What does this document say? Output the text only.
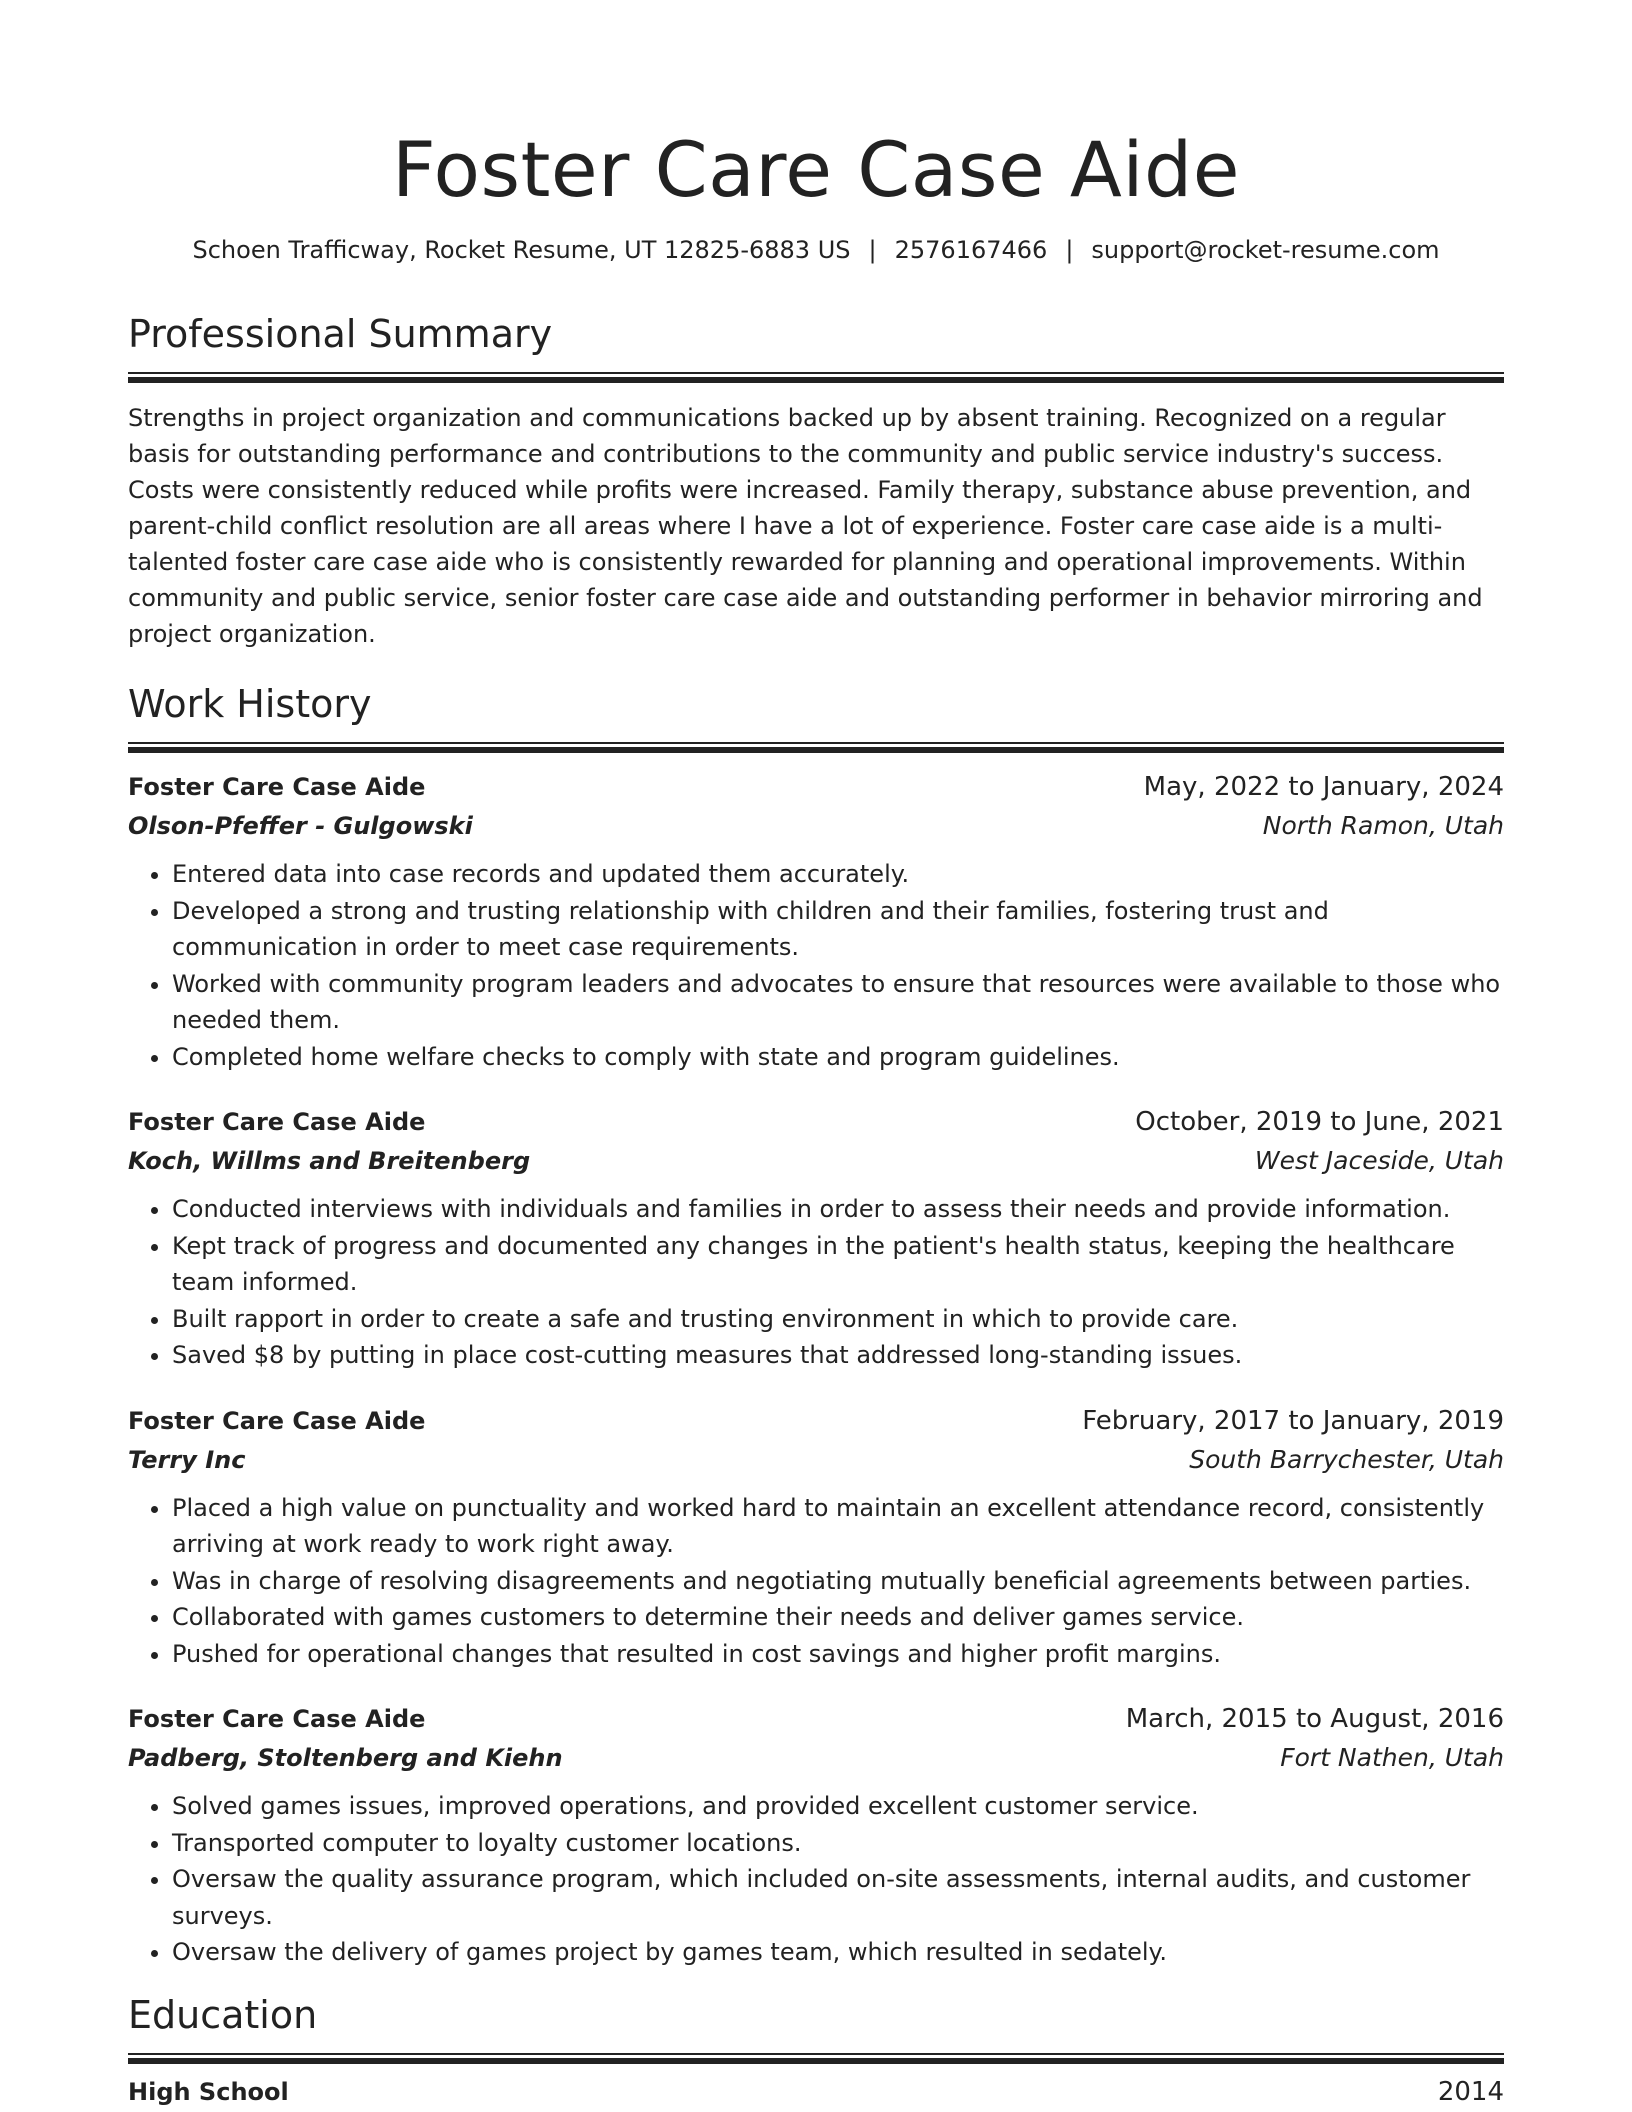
Foster Care Case Aide
Schoen Trafficway, Rocket Resume, UT 12825-6883 US | 2576167466 | support@rocket-resume.com
Professional Summary

Strengths in project organization and communications backed up by absent training. Recognized on a regular basis for outstanding performance and contributions to the community and public service industry's success. Costs were consistently reduced while profits were increased. Family therapy, substance abuse prevention, and parent-child conflict resolution are all areas where I have a lot of experience. Foster care case aide is a multi-talented foster care case aide who is consistently rewarded for planning and operational improvements. Within community and public service, senior foster care case aide and outstanding performer in behavior mirroring and project organization.

Work History
Foster Care Case Aide	May, 2022 to January, 2024
Olson-Pfeffer - Gulgowski	North Ramon, Utah
• Entered data into case records and updated them accurately.
• Developed a strong and trusting relationship with children and their families, fostering trust and communication in order to meet case requirements.
• Worked with community program leaders and advocates to ensure that resources were available to those who needed them.
• Completed home welfare checks to comply with state and program guidelines.
Foster Care Case Aide	October, 2019 to June, 2021
Koch, Willms and Breitenberg	West Jaceside, Utah
• Conducted interviews with individuals and families in order to assess their needs and provide information.
• Kept track of progress and documented any changes in the patient's health status, keeping the healthcare team informed.
• Built rapport in order to create a safe and trusting environment in which to provide care.
• Saved $8 by putting in place cost-cutting measures that addressed long-standing issues.
Foster Care Case Aide	February, 2017 to January, 2019
Terry Inc	South Barrychester, Utah
• Placed a high value on punctuality and worked hard to maintain an excellent attendance record, consistently arriving at work ready to work right away.
• Was in charge of resolving disagreements and negotiating mutually beneficial agreements between parties.
• Collaborated with games customers to determine their needs and deliver games service.
• Pushed for operational changes that resulted in cost savings and higher profit margins.
Foster Care Case Aide	March, 2015 to August, 2016
Padberg, Stoltenberg and Kiehn	Fort Nathen, Utah
• Solved games issues, improved operations, and provided excellent customer service.
• Transported computer to loyalty customer locations.
• Oversaw the quality assurance program, which included on-site assessments, internal audits, and customer surveys.
• Oversaw the delivery of games project by games team, which resulted in sedately.
Education
High School	2014
